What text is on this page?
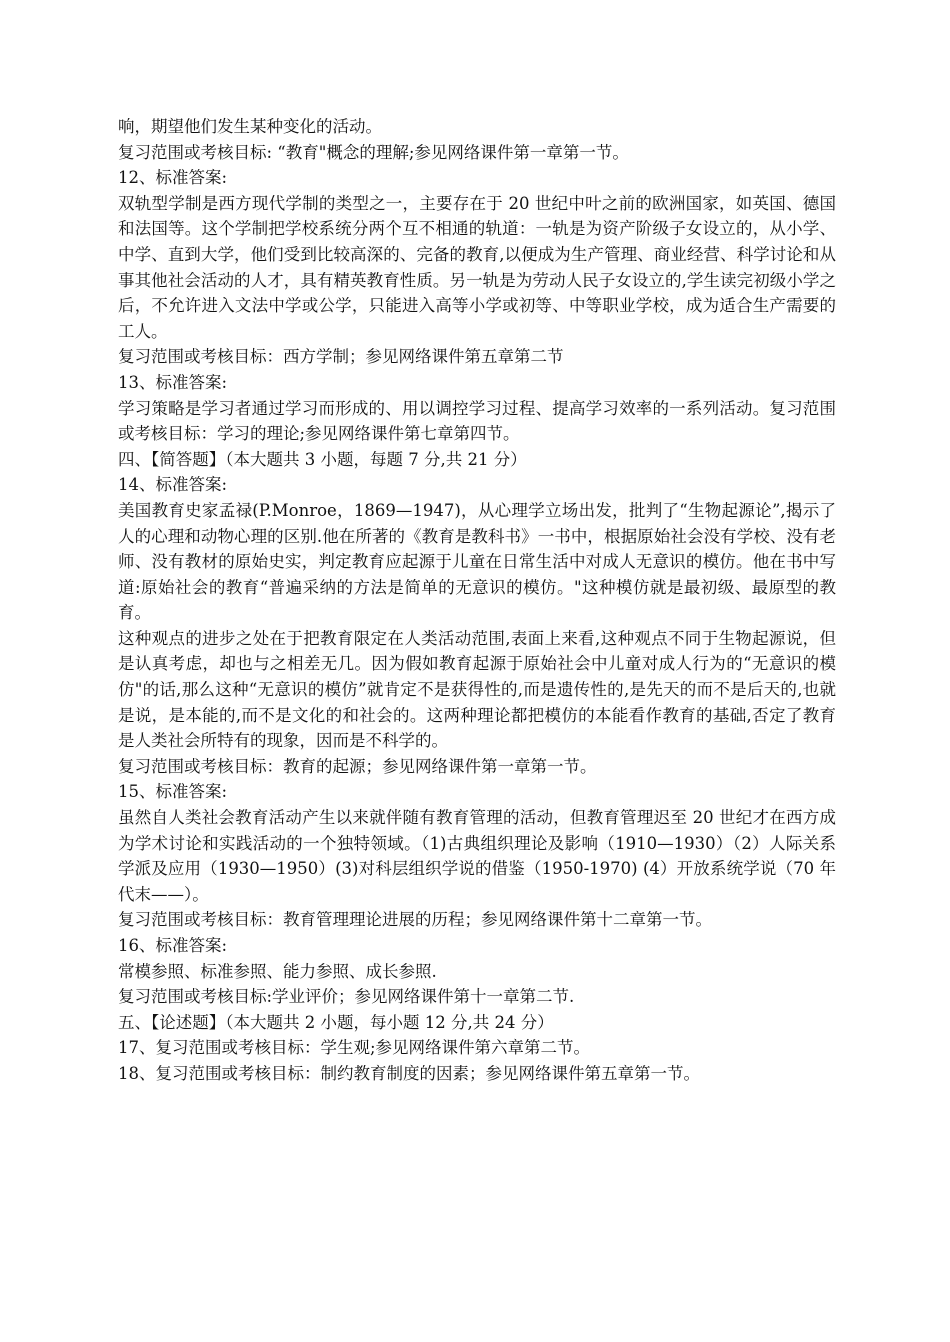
响，期望他们发生某种变化的活动。

复习范围或考核目标: “教育"概念的理解;参见网络课件第一章第一节。

12、标准答案:

双轨型学制是西方现代学制的类型之一，主要存在于 20 世纪中叶之前的欧洲国家，如英国、德国和法国等。这个学制把学校系统分两个互不相通的轨道：一轨是为资产阶级子女设立的，从小学、中学、直到大学，他们受到比较高深的、完备的教育,以便成为生产管理、商业经营、科学讨论和从事其他社会活动的人才，具有精英教育性质。另一轨是为劳动人民子女设立的,学生读完初级小学之后，不允许进入文法中学或公学，只能进入高等小学或初等、中等职业学校，成为适合生产需要的工人。

复习范围或考核目标：西方学制；参见网络课件第五章第二节

13、标准答案:

学习策略是学习者通过学习而形成的、用以调控学习过程、提高学习效率的一系列活动。复习范围或考核目标：学习的理论;参见网络课件第七章第四节。

四、【简答题】（本大题共 3 小题，每题 7 分,共 21 分）

14、标准答案:

美国教育史家孟禄(P.Monroe，1869—1947)，从心理学立场出发，批判了“生物起源论”,揭示了人的心理和动物心理的区别.他在所著的《教育是教科书》一书中，根据原始社会没有学校、没有老师、没有教材的原始史实，判定教育应起源于儿童在日常生活中对成人无意识的模仿。他在书中写道:原始社会的教育“普遍采纳的方法是简单的无意识的模仿。"这种模仿就是最初级、最原型的教育。

这种观点的进步之处在于把教育限定在人类活动范围,表面上来看,这种观点不同于生物起源说，但是认真考虑，却也与之相差无几。因为假如教育起源于原始社会中儿童对成人行为的“无意识的模仿"的话,那么这种“无意识的模仿”就肯定不是获得性的,而是遗传性的,是先天的而不是后天的,也就是说，是本能的,而不是文化的和社会的。这两种理论都把模仿的本能看作教育的基础,否定了教育是人类社会所特有的现象，因而是不科学的。

复习范围或考核目标：教育的起源；参见网络课件第一章第一节。

15、标准答案:

虽然自人类社会教育活动产生以来就伴随有教育管理的活动，但教育管理迟至 20 世纪才在西方成为学术讨论和实践活动的一个独特领域。（1)古典组织理论及影响（1910—1930）（2）人际关系学派及应用（1930—1950）(3)对科层组织学说的借鉴（1950-1970) (4）开放系统学说（70 年代末——）。

复习范围或考核目标：教育管理理论进展的历程；参见网络课件第十二章第一节。

16、标准答案:

常模参照、标准参照、能力参照、成长参照.

复习范围或考核目标:学业评价；参见网络课件第十一章第二节.

五、【论述题】（本大题共 2 小题，每小题 12 分,共 24 分）

17、复习范围或考核目标：学生观;参见网络课件第六章第二节。

18、复习范围或考核目标：制约教育制度的因素；参见网络课件第五章第一节。
